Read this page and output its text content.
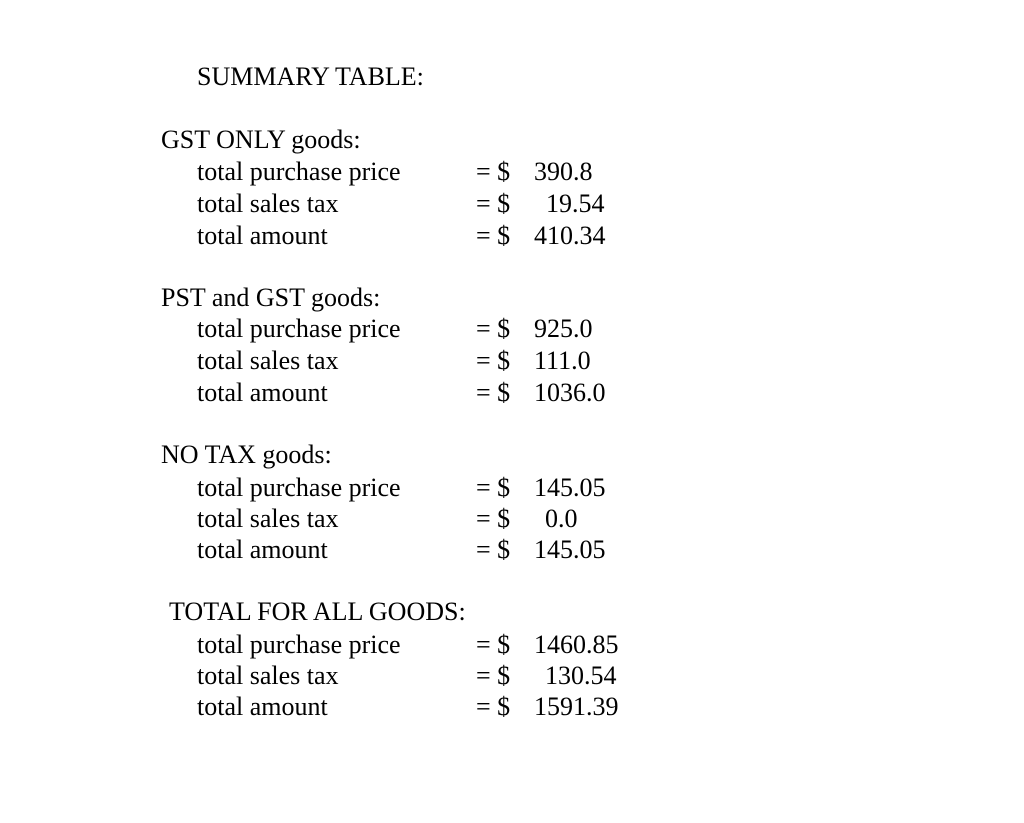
SUMMARY TABLE:
GST ONLY goods:
total purchase price	= $ 390.8
total sales tax	= $ 19.54
total amount	= $ 410.34
PST and GST goods:
total purchase price	= $ 925.0
total sales tax	= $ 111.0
total amount	= $ 1036.0
NO TAX goods:
total purchase price	= $ 145.05
total sales tax	= $ 0.0
total amount	= $ 145.05
TOTAL FOR ALL GOODS:
total purchase price	= $ 1460.85
total sales tax	= $ 130.54
total amount	= $ 1591.39
